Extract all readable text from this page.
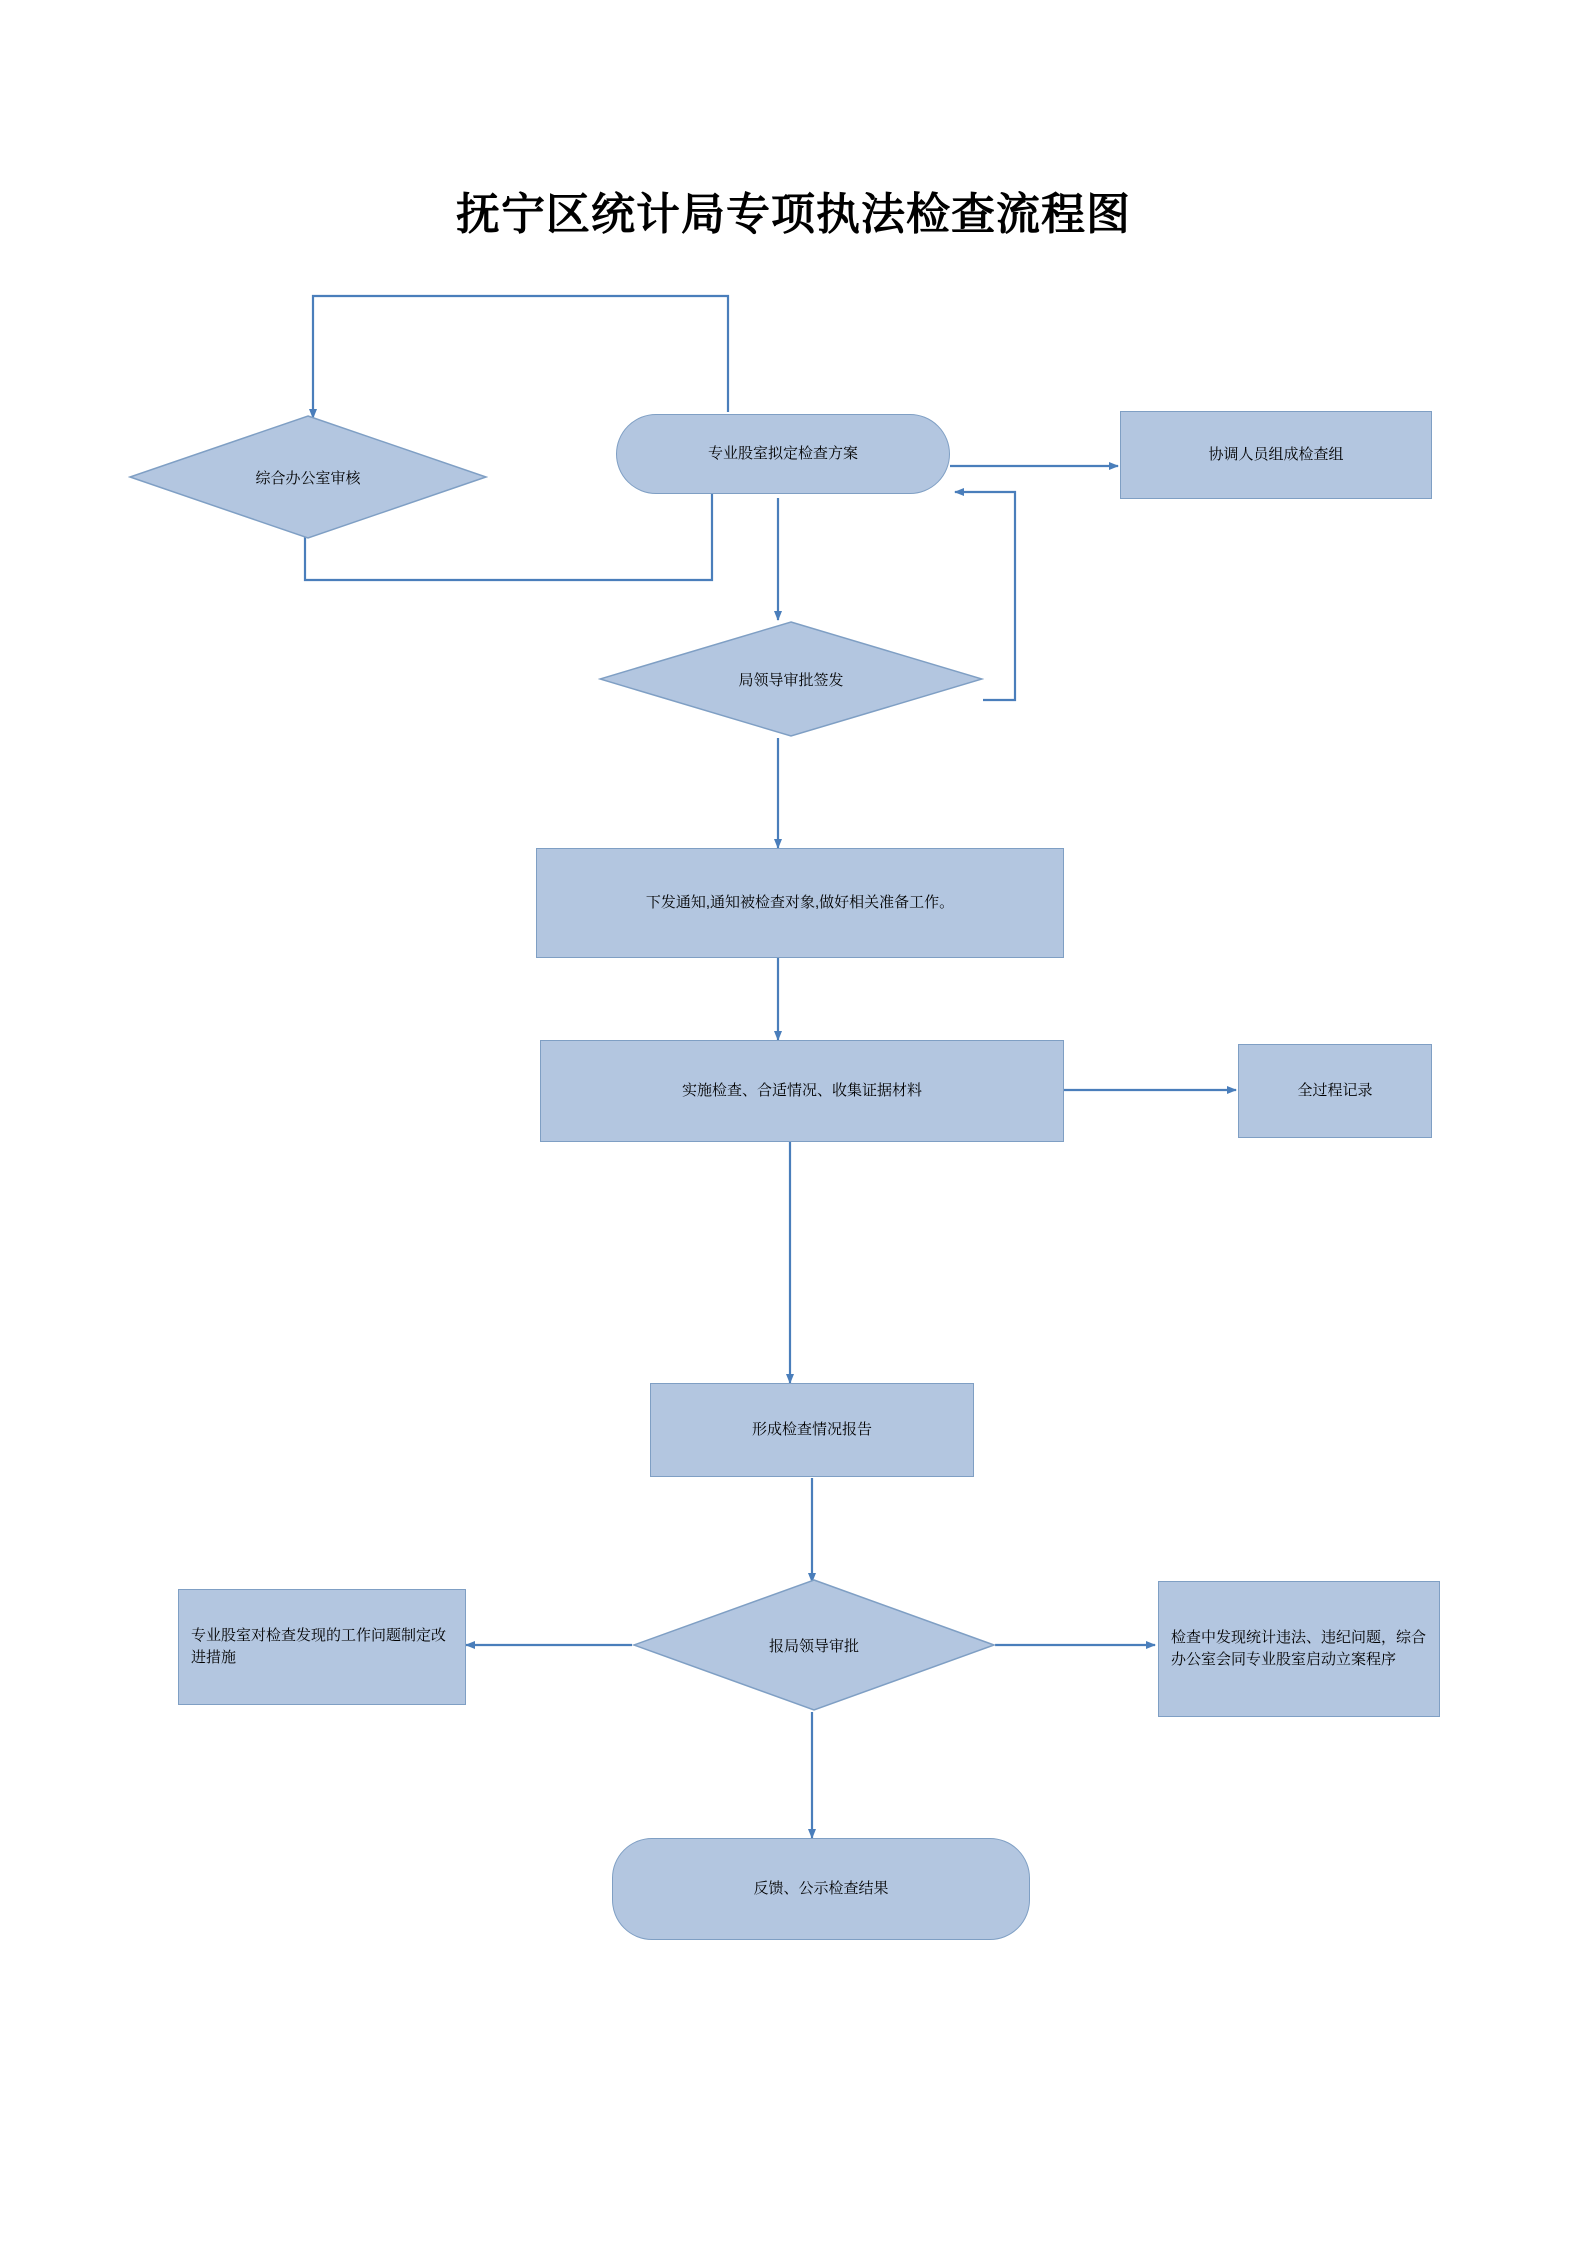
抚宁区统计局专项执法检查流程图
综合办公室审核
专业股室拟定检查方案	协调人员组成检查组
局领导审批签发
下发通知,通知被检查对象,做好相关准备工作。
实施检查、合适情况、收集证据材料	全过程记录
形成检查情况报告
报局领导审批
专业股室对检查发现的工作问题制定改进措施
检查中发现统计违法、违纪问题，综合办公室会同专业股室启动立案程序
反馈、公示检查结果
